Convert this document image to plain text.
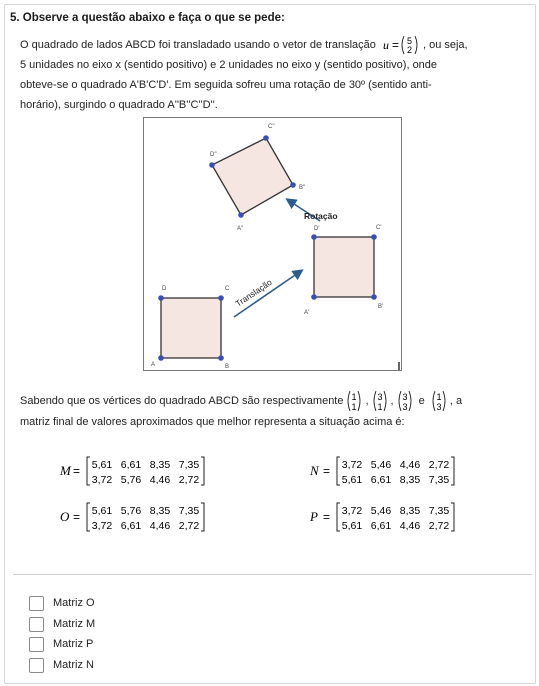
5. Observe a questão abaixo e faça o que se pede:
O quadrado de lados ABCD foi transladado usando o vetor de translação u = 5
2 , ou seja,
5 unidades no eixo x (sentido positivo) e 2 unidades no eixo y (sentido positivo), onde
obteve-se o quadrado A'B'C'D'. Em seguida sofreu uma rotação de 30º (sentido anti-
horário), surgindo o quadrado A''B''C''D''.
A	B
C
D
A'
B'
C'
D'
A''
B''
C''
D''
Translação
Rotação
Sabendo que os vértices do quadrado ABCD são respectivamente 1
1 , 3
1 , 3
3 e 1
3 , a
matriz final de valores aproximados que melhor representa a situação acima é:
M = 5,61 6,61 8,35 7,35
3,72 5,76 4,46 2,72
N = 3,72 5,46 4,46 2,72
5,61 6,61 8,35 7,35
O = 5,61 5,76 8,35 7,35
3,72 6,61 4,46 2,72
P = 3,72 5,46 8,35 7,35
5,61 6,61 4,46 2,72
Matriz O
Matriz M
Matriz P
Matriz N
